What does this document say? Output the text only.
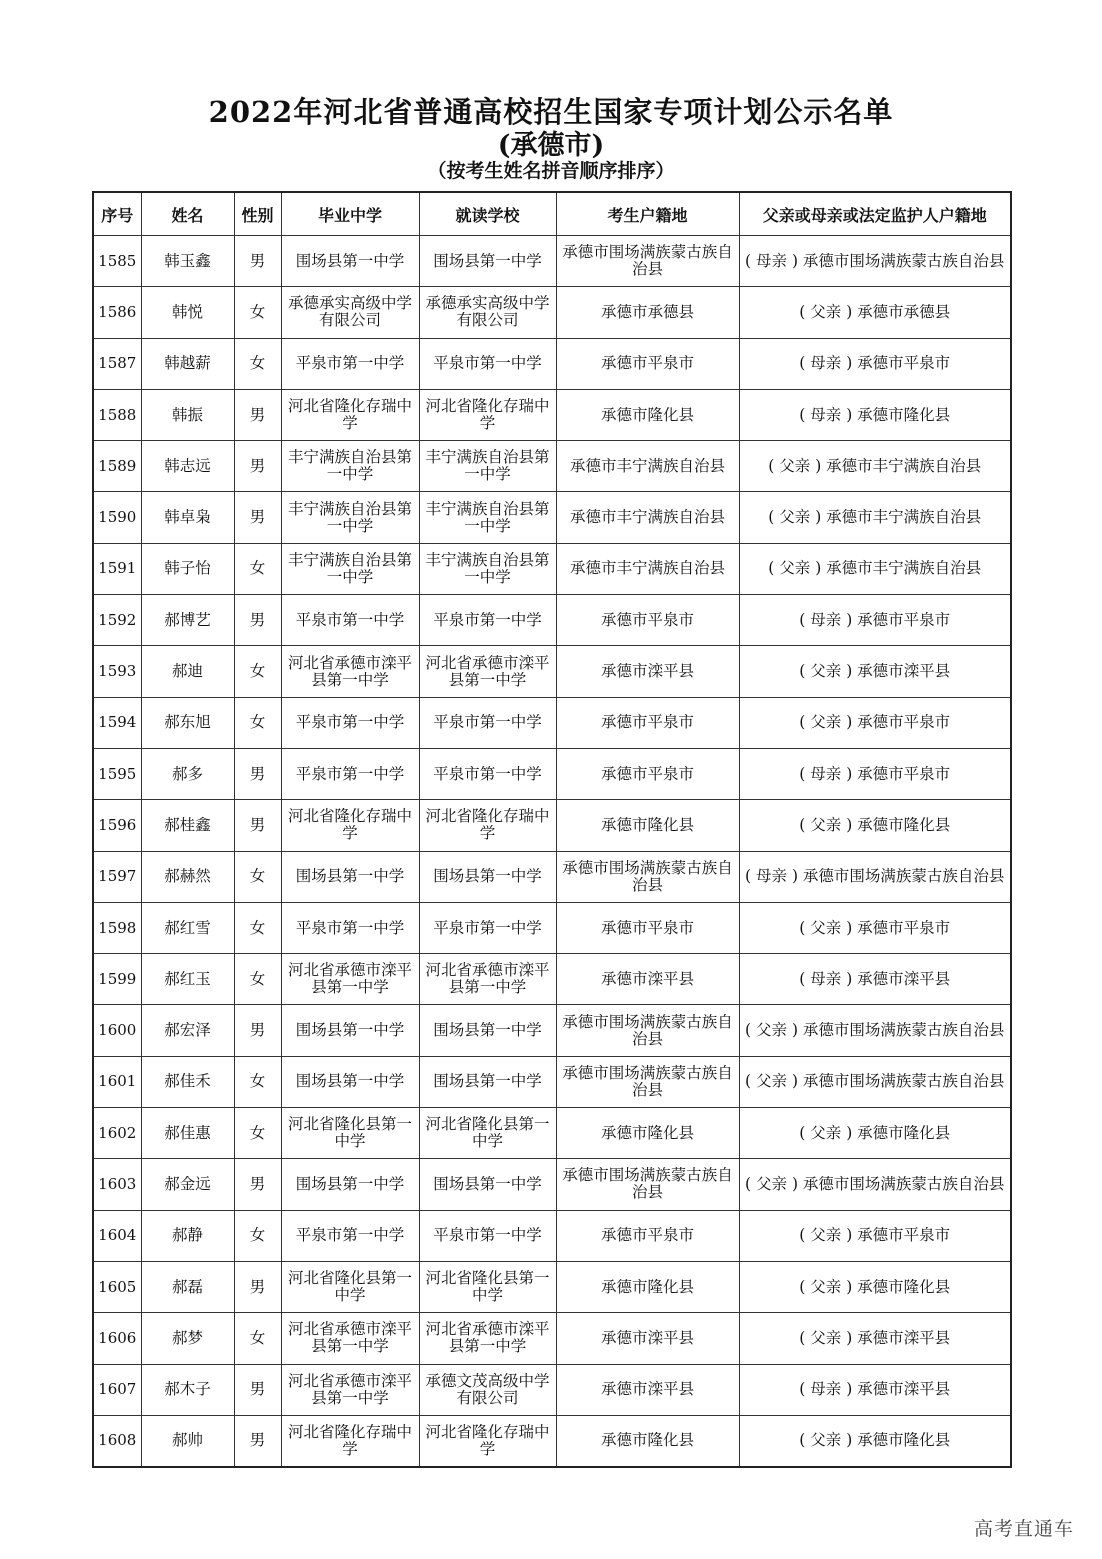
2022年河北省普通高校招生国家专项计划公示名单
(承德市)
（按考生姓名拼音顺序排序）
序号	姓名	性别	毕业中学	就读学校	考生户籍地	父亲或母亲或法定监护人户籍地
1585	韩玉鑫	男	围场县第一中学	围场县第一中学	承德市围场满族蒙古族自治县	( 母亲 ) 承德市围场满族蒙古族自治县
1586	韩悦	女	承德承实高级中学有限公司	承德承实高级中学有限公司	承德市承德县	( 父亲 ) 承德市承德县
1587	韩越薪	女	平泉市第一中学	平泉市第一中学	承德市平泉市	( 母亲 ) 承德市平泉市
1588	韩振	男	河北省隆化存瑞中学	河北省隆化存瑞中学	承德市隆化县	( 母亲 ) 承德市隆化县
1589	韩志远	男	丰宁满族自治县第一中学	丰宁满族自治县第一中学	承德市丰宁满族自治县	( 父亲 ) 承德市丰宁满族自治县
1590	韩卓枭	男	丰宁满族自治县第一中学	丰宁满族自治县第一中学	承德市丰宁满族自治县	( 父亲 ) 承德市丰宁满族自治县
1591	韩子怡	女	丰宁满族自治县第一中学	丰宁满族自治县第一中学	承德市丰宁满族自治县	( 父亲 ) 承德市丰宁满族自治县
1592	郝博艺	男	平泉市第一中学	平泉市第一中学	承德市平泉市	( 母亲 ) 承德市平泉市
1593	郝迪	女	河北省承德市滦平县第一中学	河北省承德市滦平县第一中学	承德市滦平县	( 父亲 ) 承德市滦平县
1594	郝东旭	女	平泉市第一中学	平泉市第一中学	承德市平泉市	( 父亲 ) 承德市平泉市
1595	郝多	男	平泉市第一中学	平泉市第一中学	承德市平泉市	( 母亲 ) 承德市平泉市
1596	郝桂鑫	男	河北省隆化存瑞中学	河北省隆化存瑞中学	承德市隆化县	( 父亲 ) 承德市隆化县
1597	郝赫然	女	围场县第一中学	围场县第一中学	承德市围场满族蒙古族自治县	( 母亲 ) 承德市围场满族蒙古族自治县
1598	郝红雪	女	平泉市第一中学	平泉市第一中学	承德市平泉市	( 父亲 ) 承德市平泉市
1599	郝红玉	女	河北省承德市滦平县第一中学	河北省承德市滦平县第一中学	承德市滦平县	( 母亲 ) 承德市滦平县
1600	郝宏泽	男	围场县第一中学	围场县第一中学	承德市围场满族蒙古族自治县	( 父亲 ) 承德市围场满族蒙古族自治县
1601	郝佳禾	女	围场县第一中学	围场县第一中学	承德市围场满族蒙古族自治县	( 父亲 ) 承德市围场满族蒙古族自治县
1602	郝佳惠	女	河北省隆化县第一中学	河北省隆化县第一中学	承德市隆化县	( 父亲 ) 承德市隆化县
1603	郝金远	男	围场县第一中学	围场县第一中学	承德市围场满族蒙古族自治县	( 父亲 ) 承德市围场满族蒙古族自治县
1604	郝静	女	平泉市第一中学	平泉市第一中学	承德市平泉市	( 父亲 ) 承德市平泉市
1605	郝磊	男	河北省隆化县第一中学	河北省隆化县第一中学	承德市隆化县	( 父亲 ) 承德市隆化县
1606	郝梦	女	河北省承德市滦平县第一中学	河北省承德市滦平县第一中学	承德市滦平县	( 父亲 ) 承德市滦平县
1607	郝木子	男	河北省承德市滦平县第一中学	承德文茂高级中学有限公司	承德市滦平县	( 母亲 ) 承德市滦平县
1608	郝帅	男	河北省隆化存瑞中学	河北省隆化存瑞中学	承德市隆化县	( 父亲 ) 承德市隆化县
高考直通车
